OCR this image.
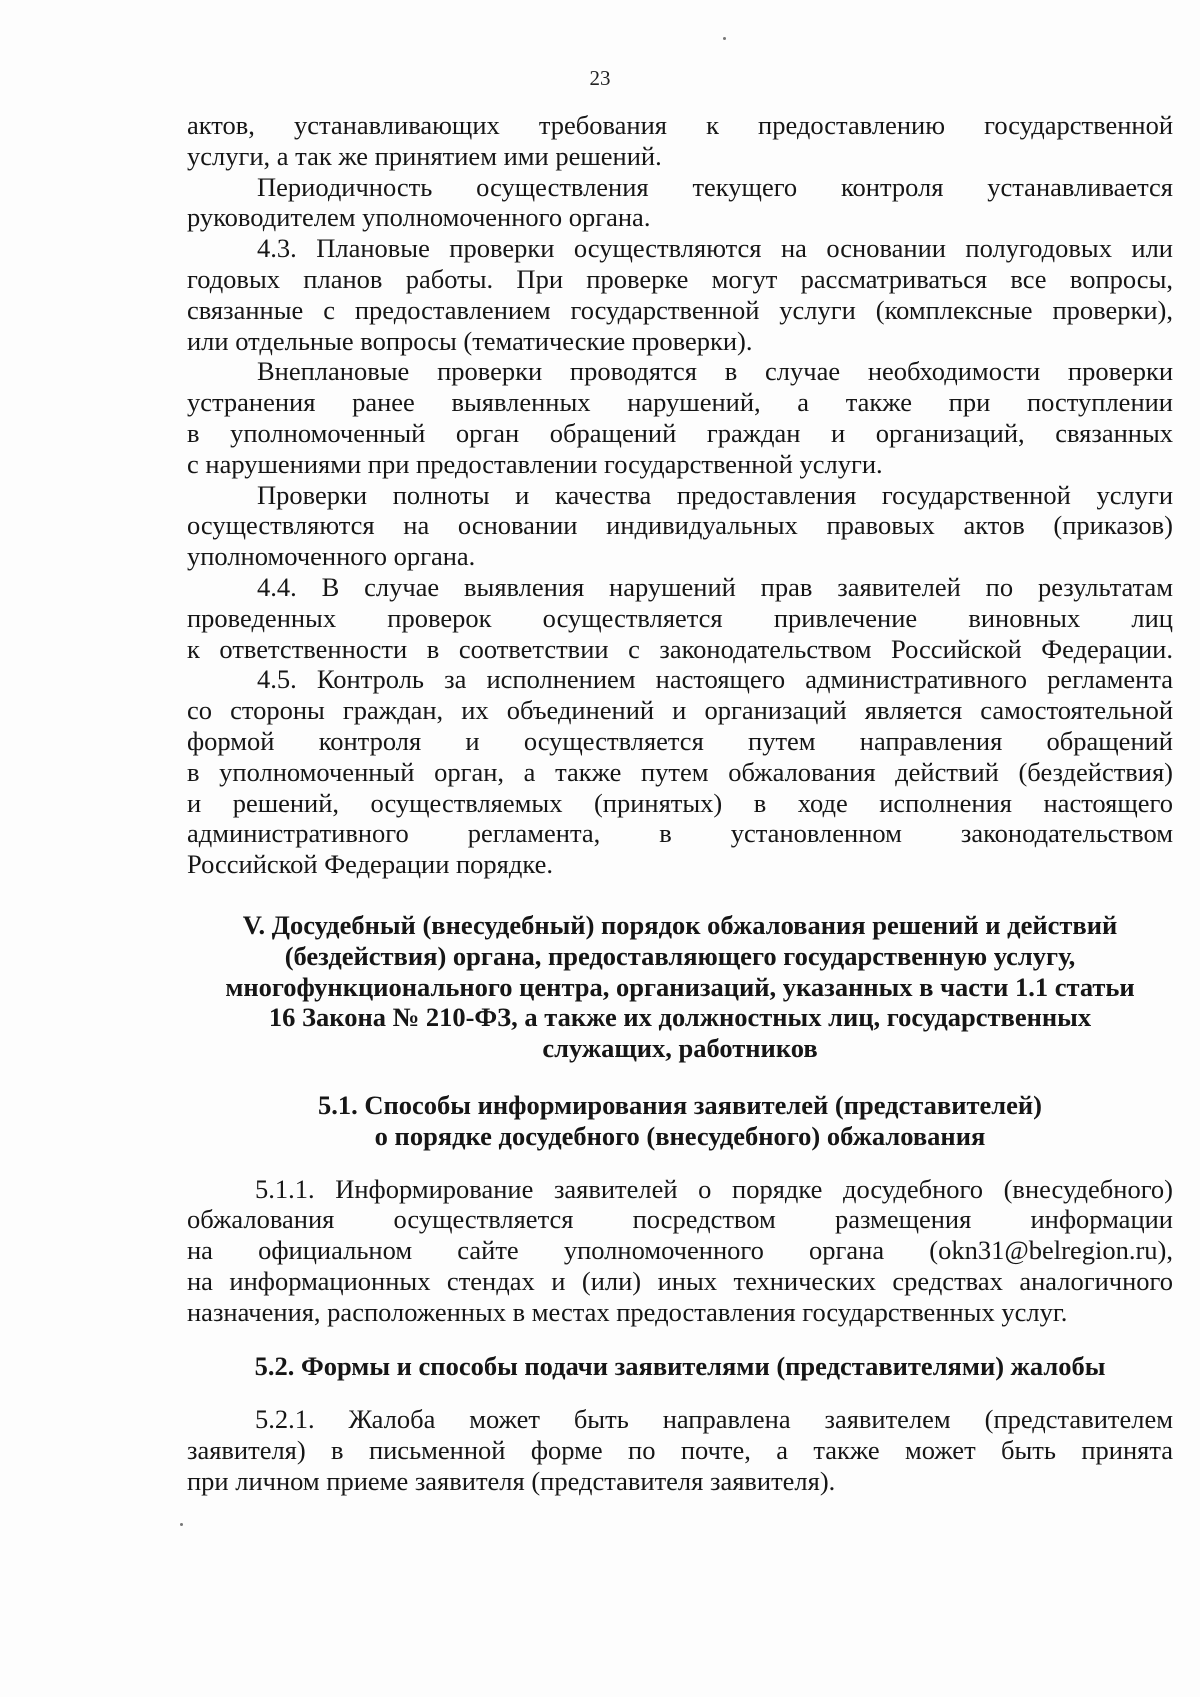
23
актов, устанавливающих требования к предоставлению государственной
услуги, а так же принятием ими решений.
Периодичность осуществления текущего контроля устанавливается
руководителем уполномоченного органа.
4.3. Плановые проверки осуществляются на основании полугодовых или
годовых планов работы. При проверке могут рассматриваться все вопросы,
связанные с предоставлением государственной услуги (комплексные проверки),
или отдельные вопросы (тематические проверки).
Внеплановые проверки проводятся в случае необходимости проверки
устранения ранее выявленных нарушений, а также при поступлении
в уполномоченный орган обращений граждан и организаций, связанных
с нарушениями при предоставлении государственной услуги.
Проверки полноты и качества предоставления государственной услуги
осуществляются на основании индивидуальных правовых актов (приказов)
уполномоченного органа.
4.4. В случае выявления нарушений прав заявителей по результатам
проведенных проверок осуществляется привлечение виновных лиц
к ответственности в соответствии с законодательством Российской Федерации.
4.5. Контроль за исполнением настоящего административного регламента
со стороны граждан, их объединений и организаций является самостоятельной
формой контроля и осуществляется путем направления обращений
в уполномоченный орган, а также путем обжалования действий (бездействия)
и решений, осуществляемых (принятых) в ходе исполнения настоящего
административного регламента, в установленном законодательством
Российской Федерации порядке.
V. Досудебный (внесудебный) порядок обжалования решений и действий
(бездействия) органа, предоставляющего государственную услугу,
многофункционального центра, организаций, указанных в части 1.1 статьи
16 Закона № 210-ФЗ, а также их должностных лиц, государственных
служащих, работников
5.1. Способы информирования заявителей (представителей)
о порядке досудебного (внесудебного) обжалования
5.1.1. Информирование заявителей о порядке досудебного (внесудебного)
обжалования осуществляется посредством размещения информации
на официальном сайте уполномоченного органа (okn31@belregion.ru),
на информационных стендах и (или) иных технических средствах аналогичного
назначения, расположенных в местах предоставления государственных услуг.
5.2. Формы и способы подачи заявителями (представителями) жалобы
5.2.1. Жалоба может быть направлена заявителем (представителем
заявителя) в письменной форме по почте, а также может быть принята
при личном приеме заявителя (представителя заявителя).
